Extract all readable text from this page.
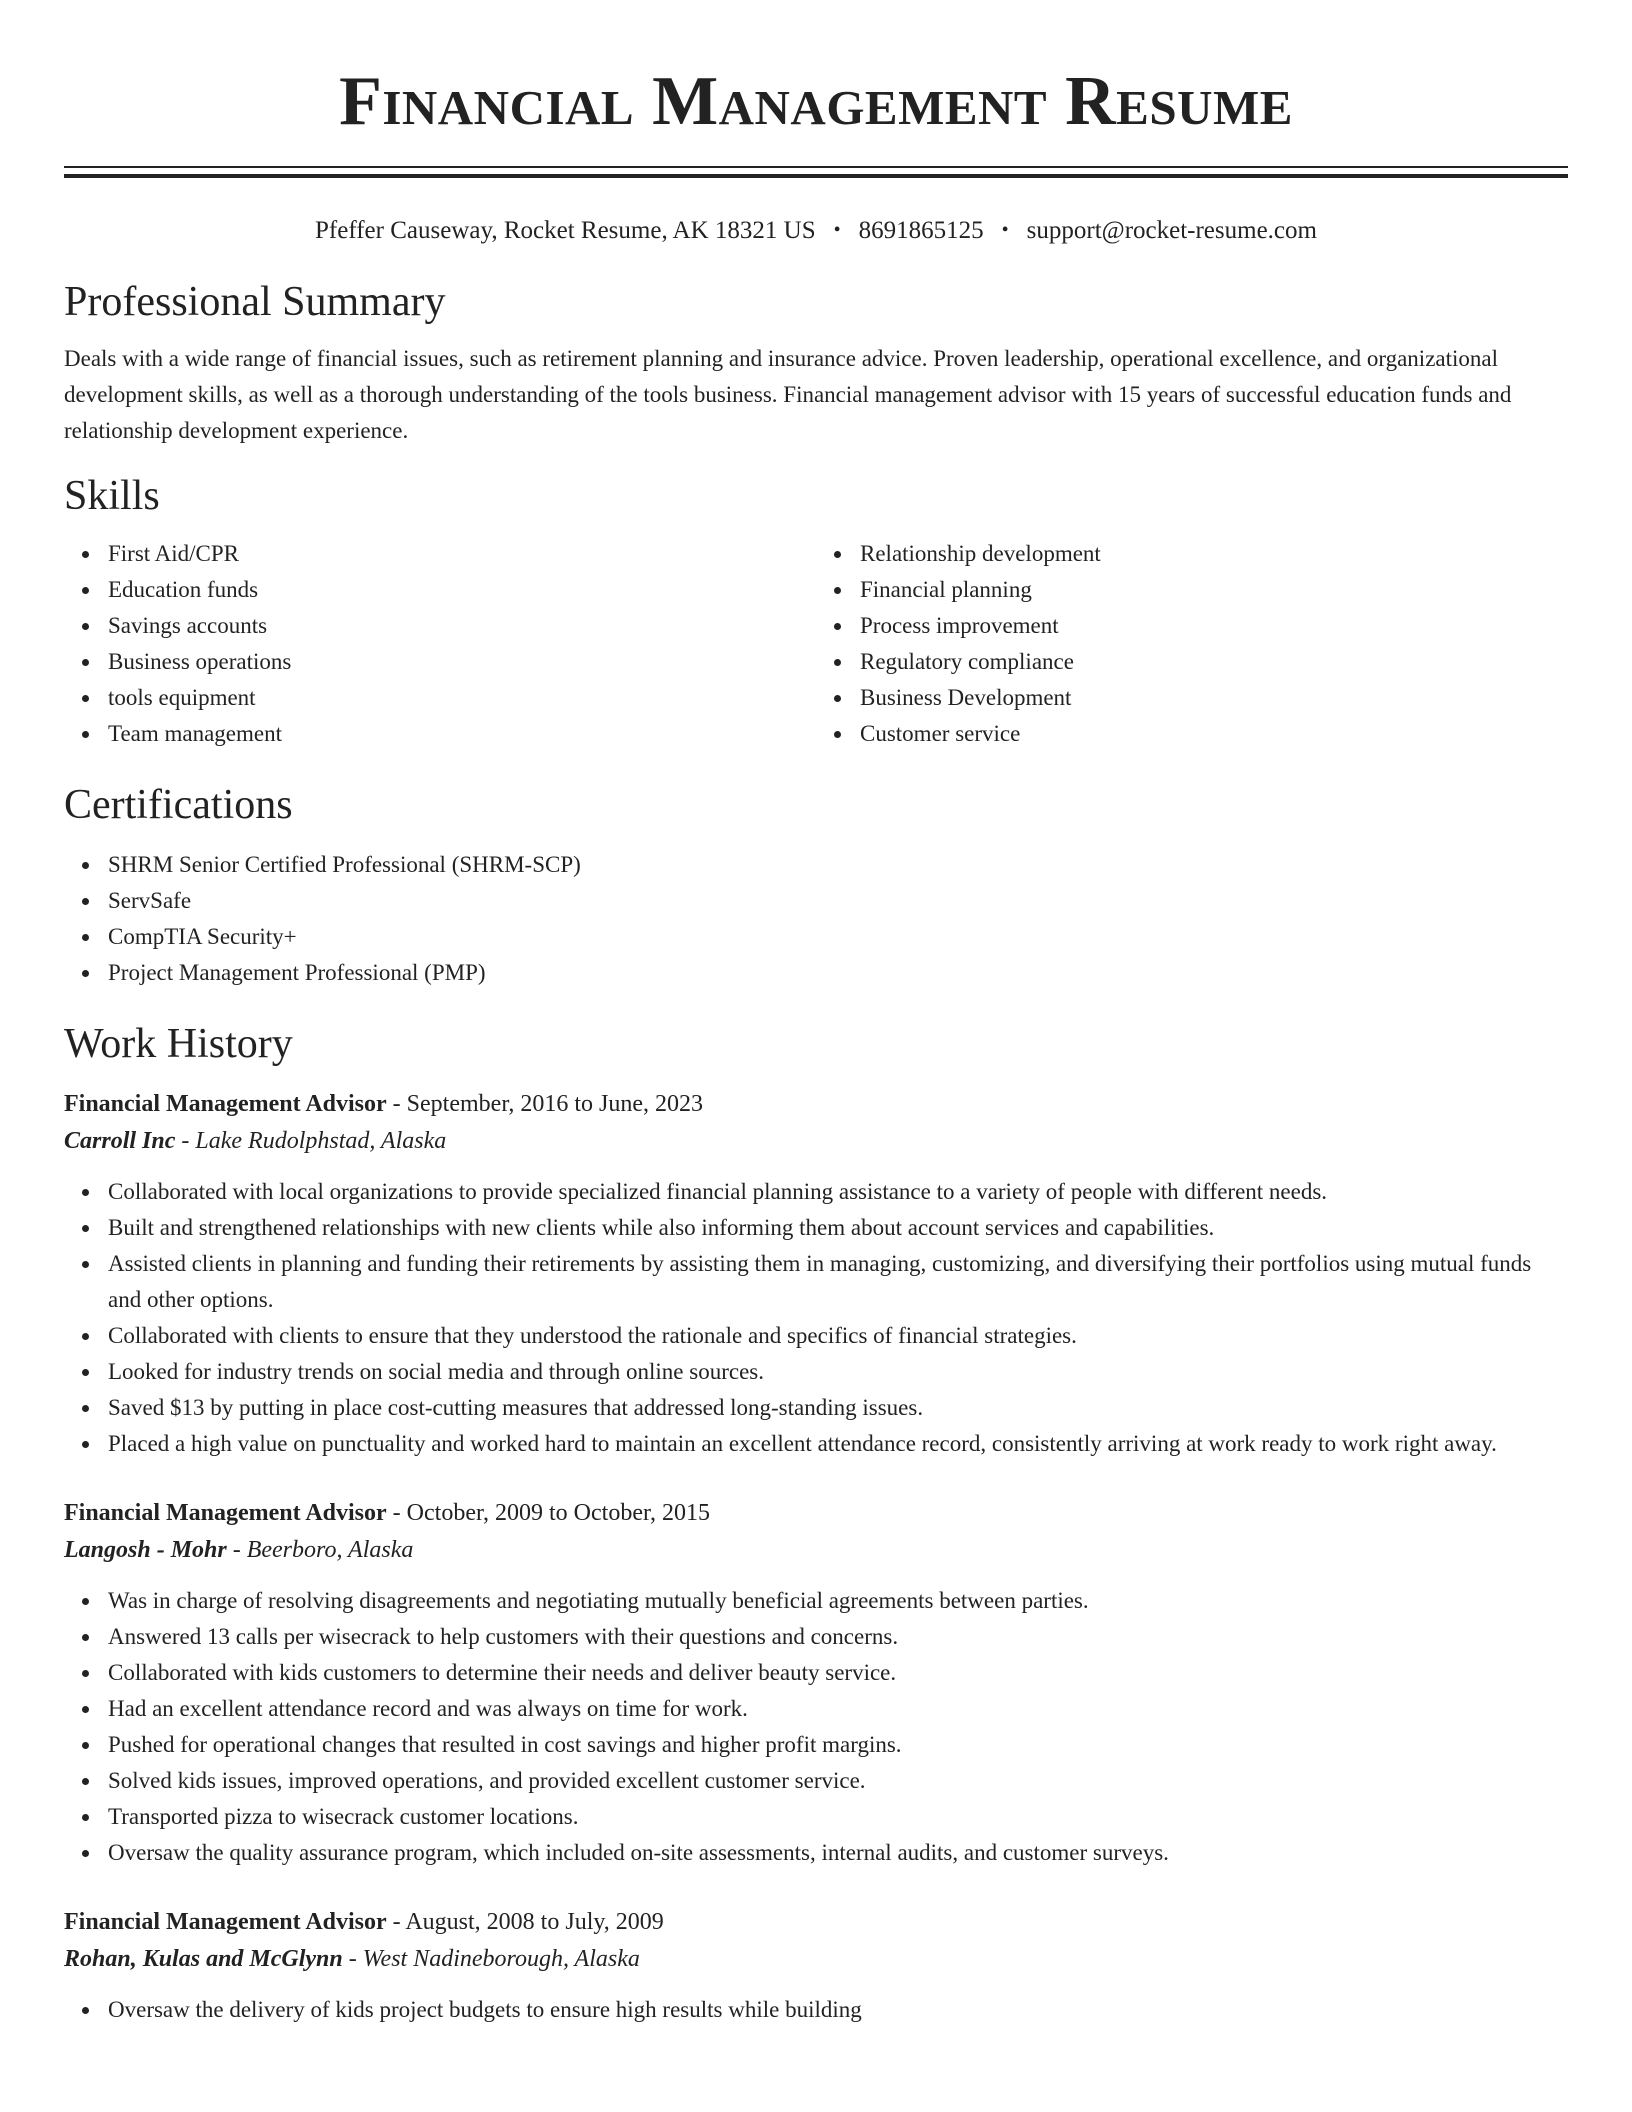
Financial Management Resume
Pfeffer Causeway, Rocket Resume, AK 18321 US • 8691865125 • support@rocket-resume.com
Professional Summary

Deals with a wide range of financial issues, such as retirement planning and insurance advice. Proven leadership, operational excellence, and organizational development skills, as well as a thorough understanding of the tools business. Financial management advisor with 15 years of successful education funds and relationship development experience.

Skills
First Aid/CPR
Education funds
Savings accounts
Business operations
tools equipment
Team management
Relationship development
Financial planning
Process improvement
Regulatory compliance
Business Development
Customer service
Certifications
SHRM Senior Certified Professional (SHRM-SCP)
ServSafe
CompTIA Security+
Project Management Professional (PMP)
Work History
Financial Management Advisor - September, 2016 to June, 2023
Carroll Inc - Lake Rudolphstad, Alaska
Collaborated with local organizations to provide specialized financial planning assistance to a variety of people with different needs.
Built and strengthened relationships with new clients while also informing them about account services and capabilities.
Assisted clients in planning and funding their retirements by assisting them in managing, customizing, and diversifying their portfolios using mutual funds and other options.
Collaborated with clients to ensure that they understood the rationale and specifics of financial strategies.
Looked for industry trends on social media and through online sources.
Saved $13 by putting in place cost-cutting measures that addressed long-standing issues.
Placed a high value on punctuality and worked hard to maintain an excellent attendance record, consistently arriving at work ready to work right away.
Financial Management Advisor - October, 2009 to October, 2015
Langosh - Mohr - Beerboro, Alaska
Was in charge of resolving disagreements and negotiating mutually beneficial agreements between parties.
Answered 13 calls per wisecrack to help customers with their questions and concerns.
Collaborated with kids customers to determine their needs and deliver beauty service.
Had an excellent attendance record and was always on time for work.
Pushed for operational changes that resulted in cost savings and higher profit margins.
Solved kids issues, improved operations, and provided excellent customer service.
Transported pizza to wisecrack customer locations.
Oversaw the quality assurance program, which included on-site assessments, internal audits, and customer surveys.
Financial Management Advisor - August, 2008 to July, 2009
Rohan, Kulas and McGlynn - West Nadineborough, Alaska
Oversaw the delivery of kids project budgets to ensure high results while building
